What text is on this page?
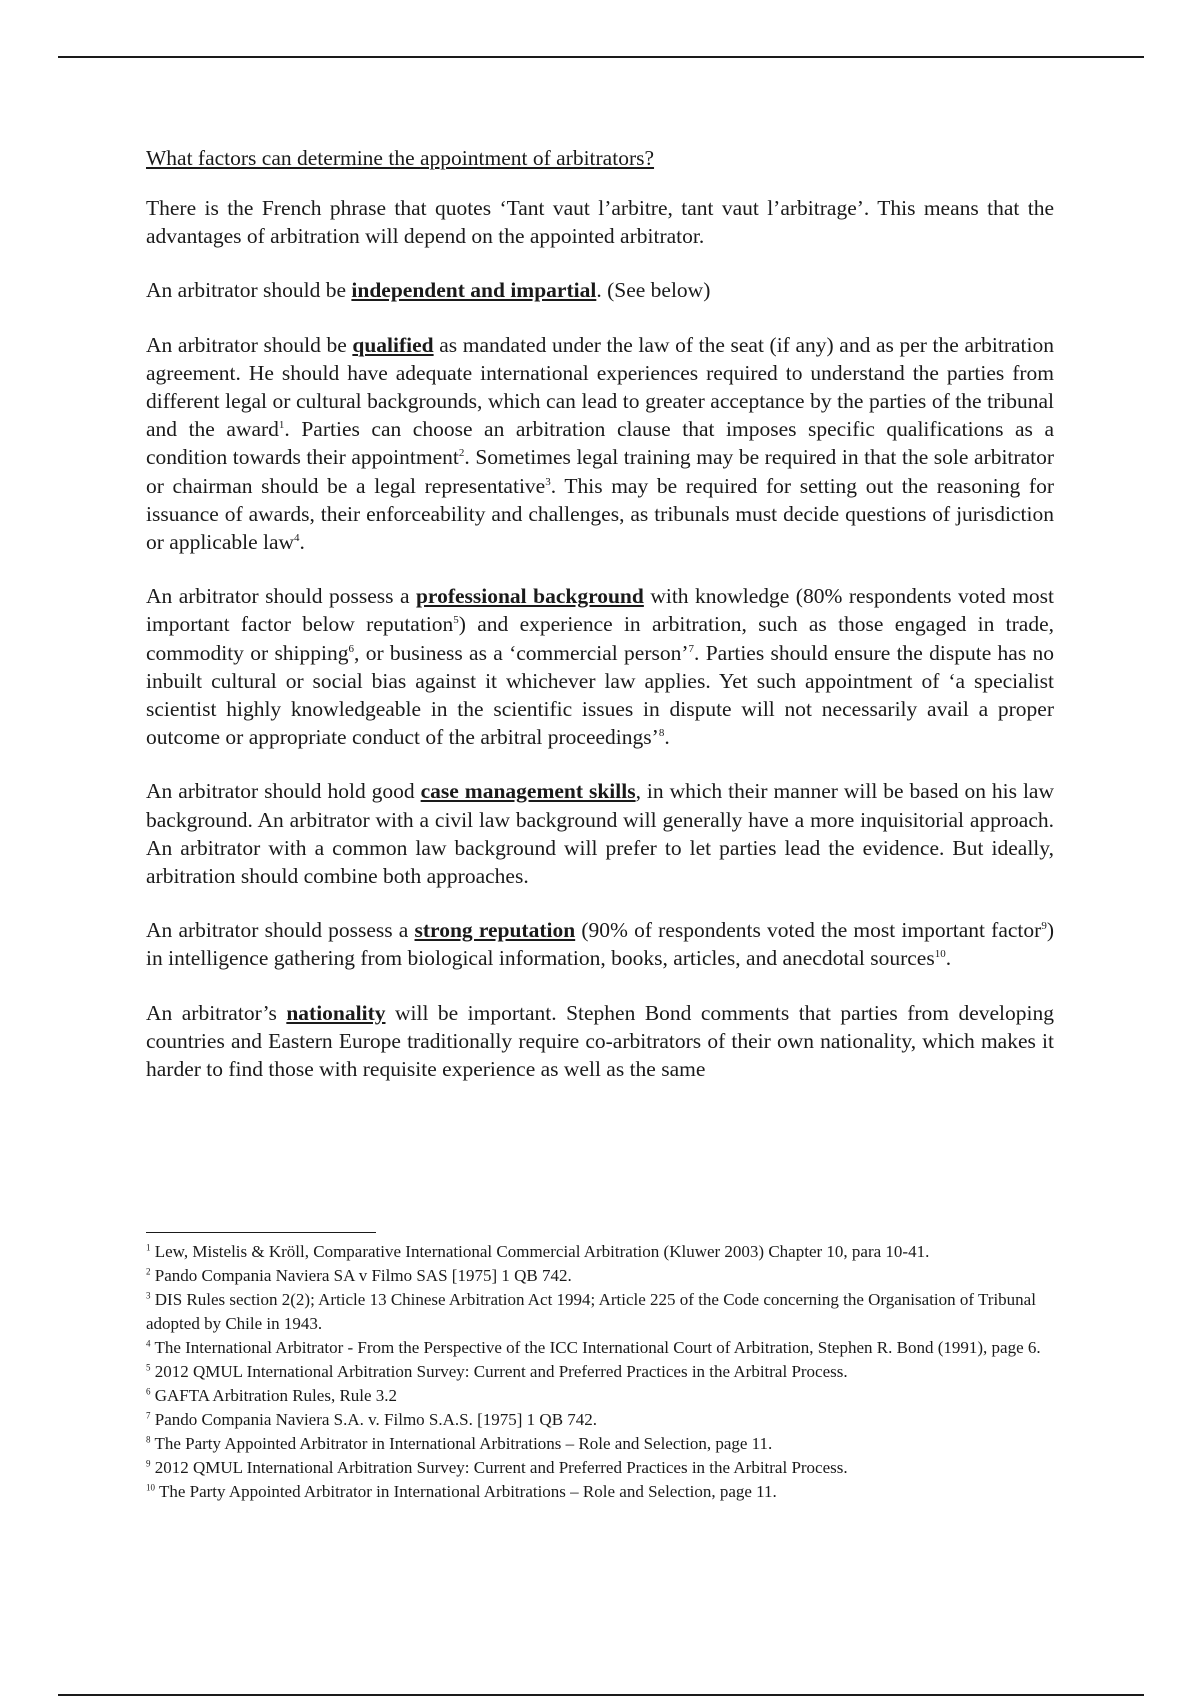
What factors can determine the appointment of arbitrators?

There is the French phrase that quotes ‘Tant vaut l’arbitre, tant vaut l’arbitrage’. This means that the advantages of arbitration will depend on the appointed arbitrator.

An arbitrator should be independent and impartial. (See below)

An arbitrator should be qualified as mandated under the law of the seat (if any) and as per the arbitration agreement. He should have adequate international experiences required to understand the parties from different legal or cultural backgrounds, which can lead to greater acceptance by the parties of the tribunal and the award$^1$. Parties can choose an arbitration clause that imposes specific qualifications as a condition towards their appointment$^2$. Sometimes legal training may be required in that the sole arbitrator or chairman should be a legal representative$^3$. This may be required for setting out the reasoning for issuance of awards, their enforceability and challenges, as tribunals must decide questions of jurisdiction or applicable law$^4$.

An arbitrator should possess a professional background with knowledge (80% respondents voted most important factor below reputation$^5$) and experience in arbitration, such as those engaged in trade, commodity or shipping$^6$, or business as a ‘commercial person’$^7$. Parties should ensure the dispute has no inbuilt cultural or social bias against it whichever law applies. Yet such appointment of ‘a specialist scientist highly knowledgeable in the scientific issues in dispute will not necessarily avail a proper outcome or appropriate conduct of the arbitral proceedings’$^8$.

An arbitrator should hold good case management skills, in which their manner will be based on his law background. An arbitrator with a civil law background will generally have a more inquisitorial approach. An arbitrator with a common law background will prefer to let parties lead the evidence. But ideally, arbitration should combine both approaches.

An arbitrator should possess a strong reputation (90% of respondents voted the most important factor$^9$) in intelligence gathering from biological information, books, articles, and anecdotal sources$^{10}$.

An arbitrator’s nationality will be important. Stephen Bond comments that parties from developing countries and Eastern Europe traditionally require co-arbitrators of their own nationality, which makes it harder to find those with requisite experience as well as the same

$^1$ Lew, Mistelis & Kröll, Comparative International Commercial Arbitration (Kluwer 2003) Chapter 10, para 10-41.

$^2$ Pando Compania Naviera SA v Filmo SAS [1975] 1 QB 742.

$^3$ DIS Rules section 2(2); Article 13 Chinese Arbitration Act 1994; Article 225 of the Code concerning the Organisation of Tribunal adopted by Chile in 1943.

$^4$ The International Arbitrator - From the Perspective of the ICC International Court of Arbitration, Stephen R. Bond (1991), page 6.

$^5$ 2012 QMUL International Arbitration Survey: Current and Preferred Practices in the Arbitral Process.

$^6$ GAFTA Arbitration Rules, Rule 3.2

$^7$ Pando Compania Naviera S.A. v. Filmo S.A.S. [1975] 1 QB 742.

$^8$ The Party Appointed Arbitrator in International Arbitrations – Role and Selection, page 11.

$^9$ 2012 QMUL International Arbitration Survey: Current and Preferred Practices in the Arbitral Process.

$^{10}$ The Party Appointed Arbitrator in International Arbitrations – Role and Selection, page 11.
